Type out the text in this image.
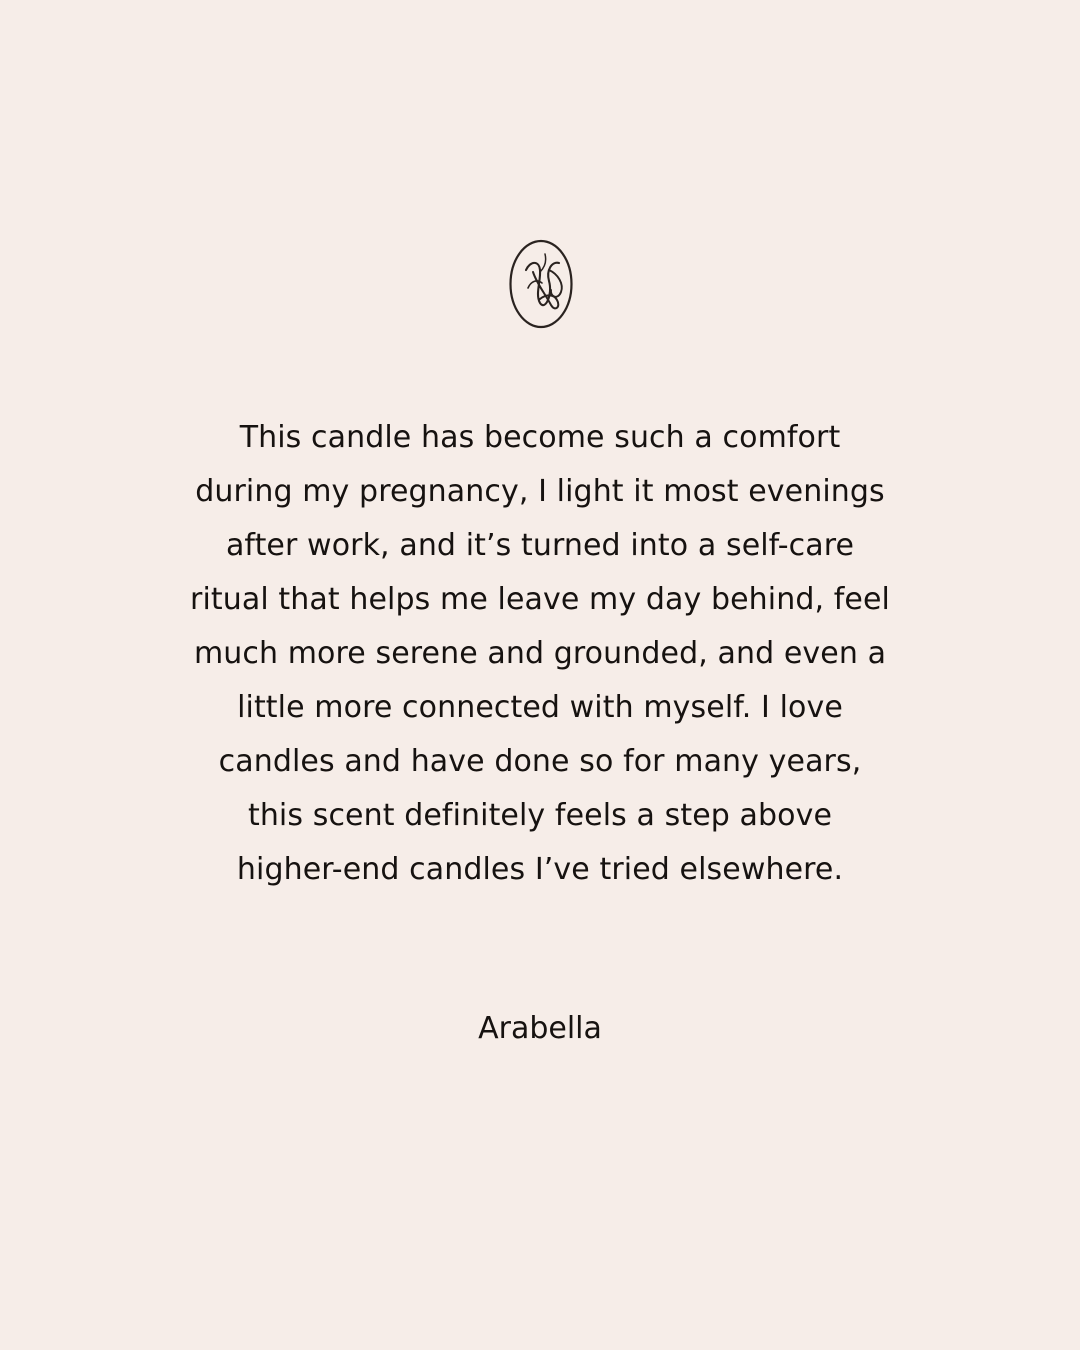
This candle has become such a comfort
during my pregnancy, I light it most evenings
after work, and it’s turned into a self-care
ritual that helps me leave my day behind, feel
much more serene and grounded, and even a
little more connected with myself. I love
candles and have done so for many years,
this scent definitely feels a step above
higher-end candles I’ve tried elsewhere.

Arabella
